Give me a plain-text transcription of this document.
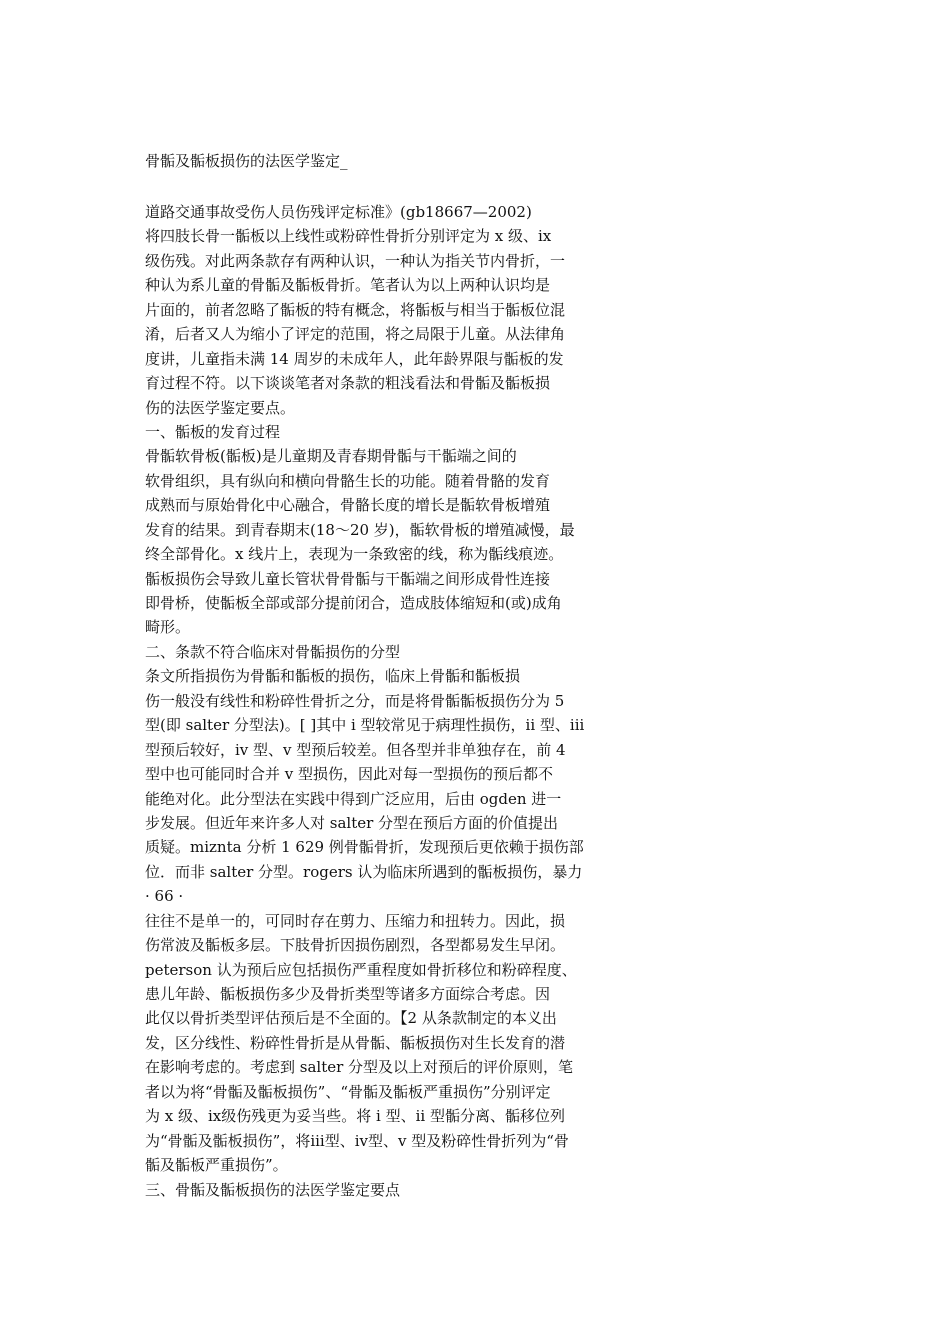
骨骺及骺板损伤的法医学鉴定_
道路交通事故受伤人员伤残评定标准》(gb18667—2002)
将四肢长骨一骺板以上线性或粉碎性骨折分别评定为 x 级、ix
级伤残。对此两条款存有两种认识，一种认为指关节内骨折，一
种认为系儿童的骨骺及骺板骨折。笔者认为以上两种认识均是
片面的，前者忽略了骺板的特有概念，将骺板与相当于骺板位混
淆，后者又人为缩小了评定的范围，将之局限于儿童。从法律角
度讲，儿童指未满 14 周岁的未成年人，此年龄界限与骺板的发
育过程不符。以下谈谈笔者对条款的粗浅看法和骨骺及骺板损
伤的法医学鉴定要点。
一、骺板的发育过程
骨骺软骨板(骺板)是儿童期及青春期骨骺与干骺端之间的
软骨组织，具有纵向和横向骨骼生长的功能。随着骨骼的发育
成熟而与原始骨化中心融合，骨骼长度的增长是骺软骨板增殖
发育的结果。到青春期末(18～20 岁)，骺软骨板的增殖减慢，最
终全部骨化。x 线片上，表现为一条致密的线，称为骺线痕迹。
骺板损伤会导致儿童长管状骨骨骺与干骺端之间形成骨性连接
即骨桥，使骺板全部或部分提前闭合，造成肢体缩短和(或)成角
畸形。
二、条款不符合临床对骨骺损伤的分型
条文所指损伤为骨骺和骺板的损伤，临床上骨骺和骺板损
伤一般没有线性和粉碎性骨折之分，而是将骨骺骺板损伤分为 5
型(即 salter 分型法)。[ ]其中 i 型较常见于病理性损伤，ii 型、iii
型预后较好，iv 型、v 型预后较差。但各型并非单独存在，前 4
型中也可能同时合并 v 型损伤，因此对每一型损伤的预后都不
能绝对化。此分型法在实践中得到广泛应用，后由 ogden 进一
步发展。但近年来许多人对 salter 分型在预后方面的价值提出
质疑。miznta 分析 1 629 例骨骺骨折，发现预后更依赖于损伤部
位．而非 salter 分型。rogers 认为临床所遇到的骺板损伤，暴力
· 66 ·
往往不是单一的，可同时存在剪力、压缩力和扭转力。因此，损
伤常波及骺板多层。下肢骨折因损伤剧烈，各型都易发生早闭。
peterson 认为预后应包括损伤严重程度如骨折移位和粉碎程度、
患儿年龄、骺板损伤多少及骨折类型等诸多方面综合考虑。因
此仅以骨折类型评估预后是不全面的。【2 从条款制定的本义出
发，区分线性、粉碎性骨折是从骨骺、骺板损伤对生长发育的潜
在影响考虑的。考虑到 salter 分型及以上对预后的评价原则，笔
者以为将“骨骺及骺板损伤”、“骨骺及骺板严重损伤”分别评定
为 x 级、ix级伤残更为妥当些。将 i 型、ii 型骺分离、骺移位列
为“骨骺及骺板损伤”，将iii型、iv型、v 型及粉碎性骨折列为“骨
骺及骺板严重损伤”。
三、骨骺及骺板损伤的法医学鉴定要点
